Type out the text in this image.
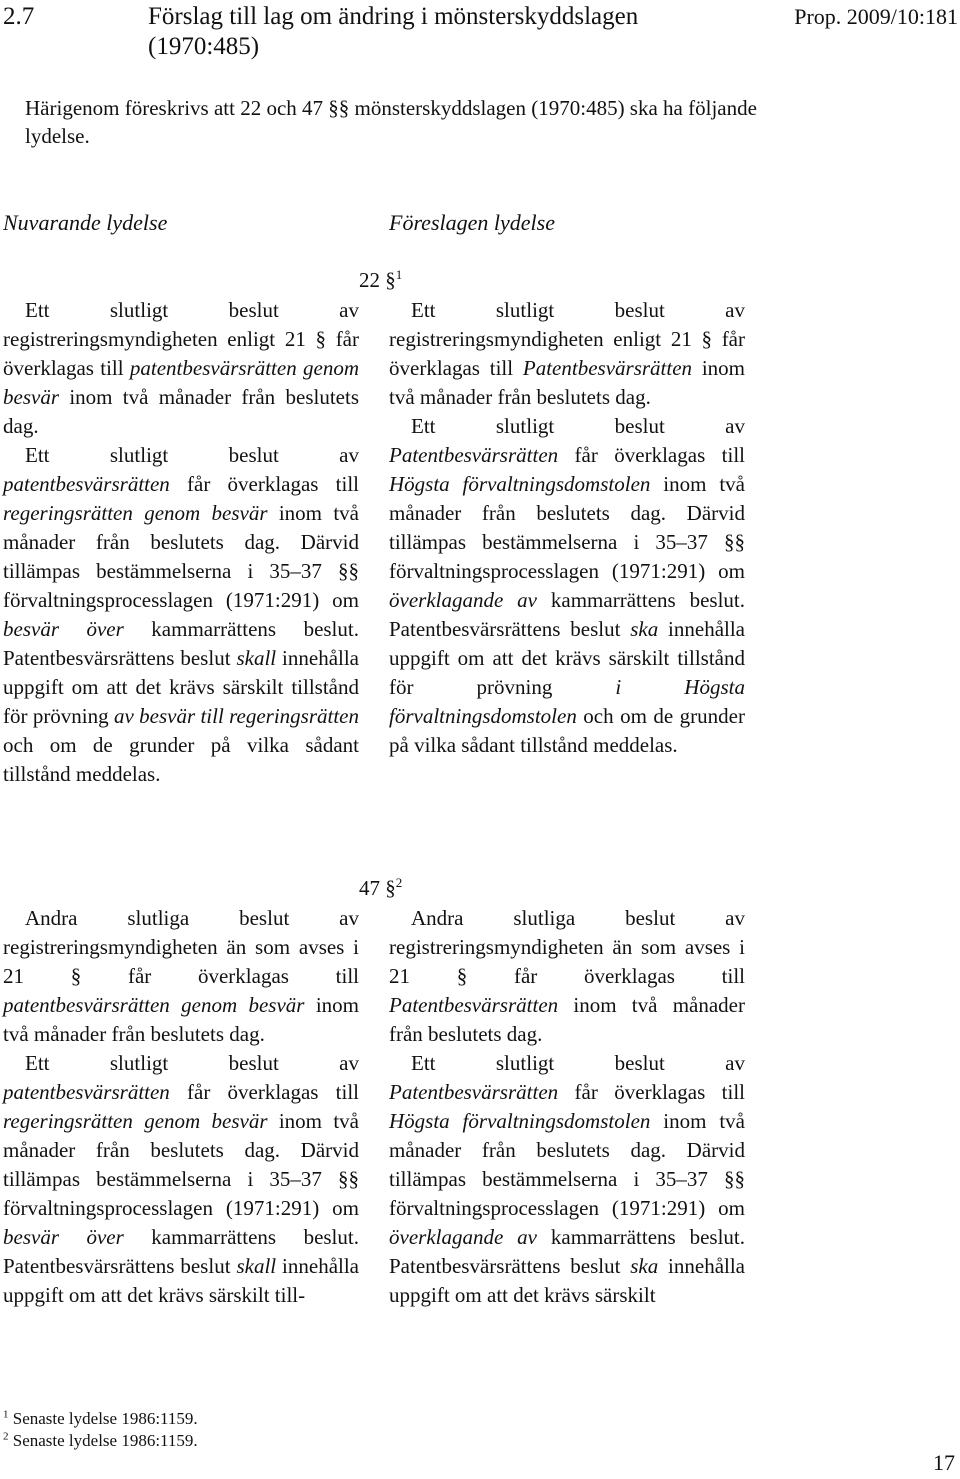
2.7	Förslag till lag om ändring i mönsterskyddslagen (1970:485)
Prop. 2009/10:181
Härigenom föreskrivs att 22 och 47 §§ mönsterskyddslagen (1970:485) ska ha följande lydelse.
Nuvarande lydelse	Föreslagen lydelse
22 §$^1$

Ett slutligt beslut av registreringsmyndigheten enligt 21 § får överklagas till patentbesvärsrätten genom besvär inom två månader från beslutets dag.

Ett slutligt beslut av patentbesvärsrätten får överklagas till regeringsrätten genom besvär inom två månader från beslutets dag. Därvid tillämpas bestämmelserna i 35–37 §§ förvaltningsprocesslagen (1971:291) om besvär över kammarrättens beslut. Patentbesvärsrättens beslut skall innehålla uppgift om att det krävs särskilt tillstånd för prövning av besvär till regeringsrätten och om de grunder på vilka sådant tillstånd meddelas.

Ett slutligt beslut av registreringsmyndigheten enligt 21 § får överklagas till Patentbesvärsrätten inom två månader från beslutets dag.

Ett slutligt beslut av Patentbesvärsrätten får överklagas till Högsta förvaltningsdomstolen inom två månader från beslutets dag. Därvid tillämpas bestämmelserna i 35–37 §§ förvaltningsprocesslagen (1971:291) om överklagande av kammarrättens beslut. Patentbesvärsrättens beslut ska innehålla uppgift om att det krävs särskilt tillstånd för prövning i Högsta förvaltningsdomstolen och om de grunder på vilka sådant tillstånd meddelas.

47 §$^2$

Andra slutliga beslut av registreringsmyndigheten än som avses i 21 § får överklagas till patentbesvärsrätten genom besvär inom två månader från beslutets dag.

Ett slutligt beslut av patentbesvärsrätten får överklagas till regeringsrätten genom besvär inom två månader från beslutets dag. Därvid tillämpas bestämmelserna i 35–37 §§ förvaltningsprocesslagen (1971:291) om besvär över kammarrättens beslut. Patentbesvärsrättens beslut skall innehålla uppgift om att det krävs särskilt till-

Andra slutliga beslut av registreringsmyndigheten än som avses i 21 § får överklagas till Patentbesvärsrätten inom två månader från beslutets dag.

Ett slutligt beslut av Patentbesvärsrätten får överklagas till Högsta förvaltningsdomstolen inom två månader från beslutets dag. Därvid tillämpas bestämmelserna i 35–37 §§ förvaltningsprocesslagen (1971:291) om överklagande av kammarrättens beslut. Patentbesvärsrättens beslut ska innehålla uppgift om att det krävs särskilt

$^1$ Senaste lydelse 1986:1159.
$^2$ Senaste lydelse 1986:1159.
17
